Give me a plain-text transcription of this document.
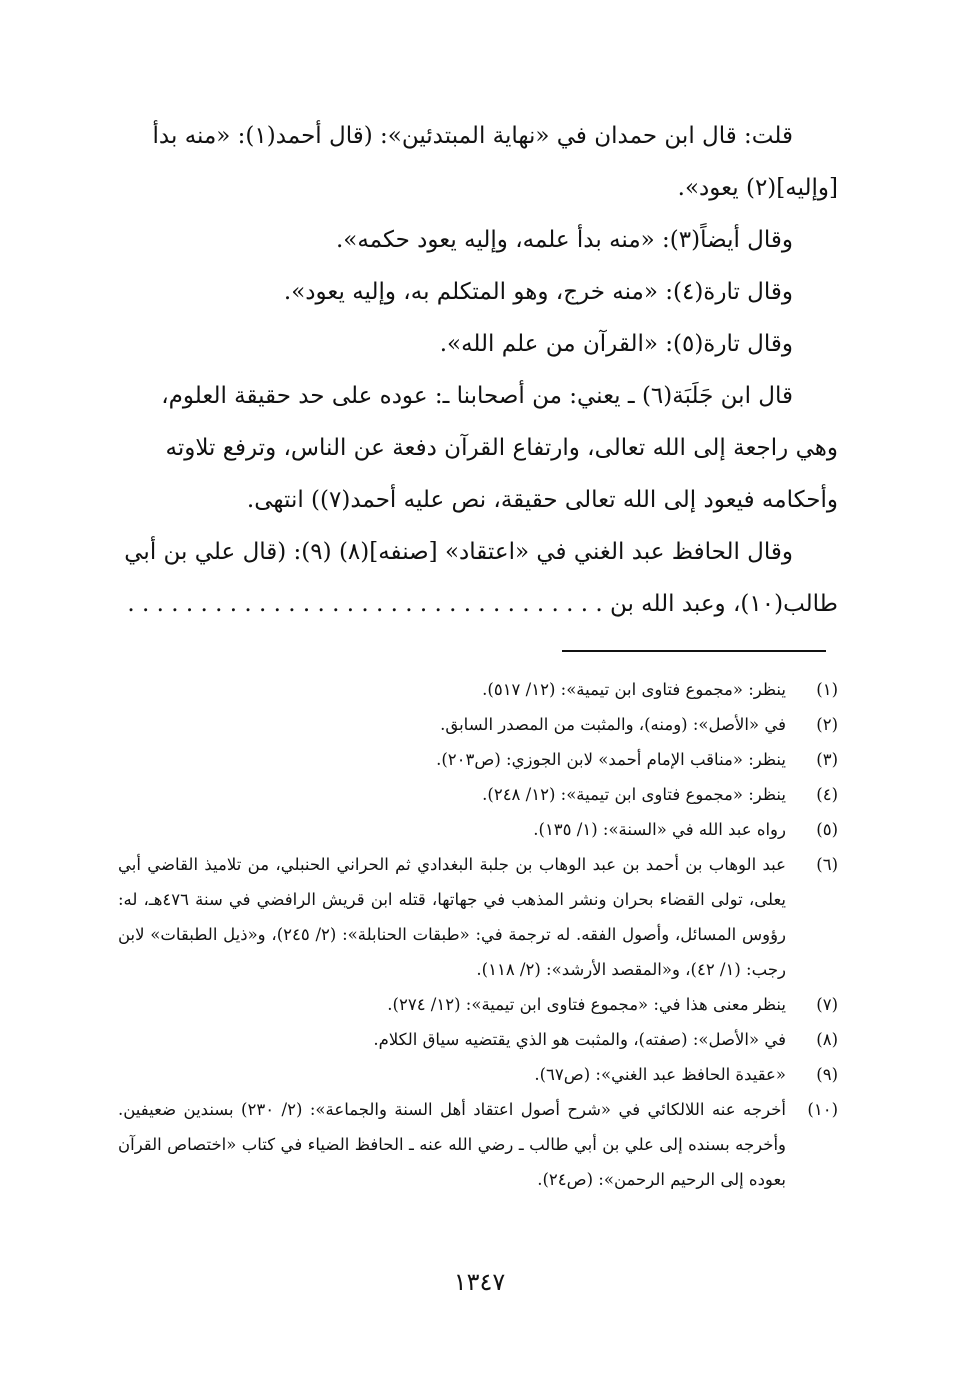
قلت: قال ابن حمدان في «نهاية المبتدئين»: (قال أحمد(١): «منه بدأ

[وإليه](٢) يعود».

وقال أيضاً(٣): «منه بدأ علمه، وإليه يعود حكمه».

وقال تارة(٤): «منه خرج، وهو المتكلم به، وإليه يعود».

وقال تارة(٥): «القرآن من علم الله».

قال ابن جَلَبَة(٦) ـ يعني: من أصحابنا ـ: عوده على حد حقيقة العلوم،

وهي راجعة إلى الله تعالى، وارتفاع القرآن دفعة عن الناس، وترفع تلاوته

وأحكامه فيعود إلى الله تعالى حقيقة، نص عليه أحمد(٧)) انتهى.

وقال الحافظ عبد الغني في «اعتقاد» [صنفه](٨) (٩): (قال علي بن أبي

طالب(١٠)، وعبد الله بن . . . . . . . . . . . . . . . . . . . . . . . . . . . . . . . . .

(١)
ينظر: «مجموع فتاوى ابن تيمية»: (١٢/ ٥١٧).
(٢)
في «الأصل»: (ومنه)، والمثبت من المصدر السابق.
(٣)
ينظر: «مناقب الإمام أحمد» لابن الجوزي: (ص٢٠٣).
(٤)
ينظر: «مجموع فتاوى ابن تيمية»: (١٢/ ٢٤٨).
(٥)
رواه عبد الله في «السنة»: (١/ ١٣٥).
(٦)
عبد الوهاب بن أحمد بن عبد الوهاب بن جلبة البغدادي ثم الحراني الحنبلي، من تلاميذ القاضي أبي يعلى، تولى القضاء بحران ونشر المذهب في جهاتها، قتله ابن قريش الرافضي في سنة ٤٧٦هـ، له: رؤوس المسائل، وأصول الفقه. له ترجمة في: «طبقات الحنابلة»: (٢/ ٢٤٥)، و«ذيل الطبقات» لابن رجب: (١/ ٤٢)، و«المقصد الأرشد»: (٢/ ١١٨).
(٧)
ينظر معنى هذا في: «مجموع فتاوى ابن تيمية»: (١٢/ ٢٧٤).
(٨)
في «الأصل»: (صفته)، والمثبت هو الذي يقتضيه سياق الكلام.
(٩)
«عقيدة الحافظ عبد الغني»: (ص٦٧).
(١٠)
أخرجه عنه اللالكائي في «شرح أصول اعتقاد أهل السنة والجماعة»: (٢/ ٢٣٠) بسندين ضعيفين. وأخرجه بسنده إلى علي بن أبي طالب ـ رضي الله عنه ـ الحافظ الضياء في كتاب «اختصاص القرآن بعوده إلى الرحيم الرحمن»: (ص٢٤).
١٣٤٧
